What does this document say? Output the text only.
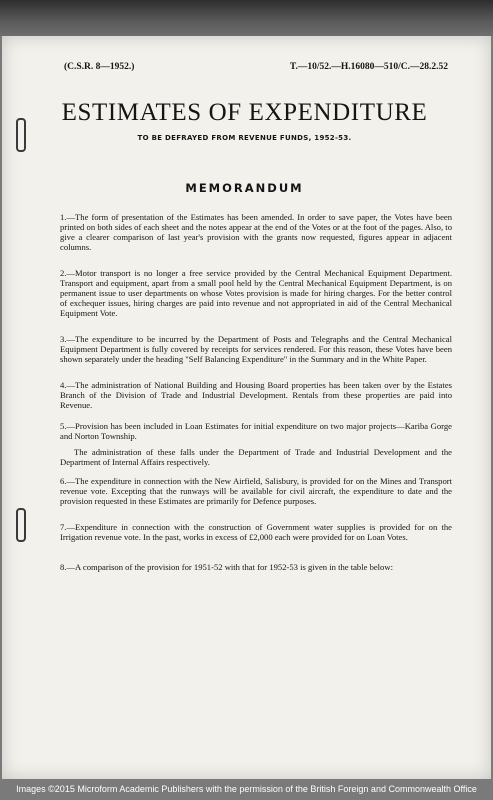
(C.S.R. 8—1952.)	T.—10/52.—H.16080—510/C.—28.2.52
ESTIMATES OF EXPENDITURE
TO BE DEFRAYED FROM REVENUE FUNDS, 1952-53.
MEMORANDUM

1.—The form of presentation of the Estimates has been amended. In order to save paper, the Votes have been printed on both sides of each sheet and the notes appear at the end of the Votes or at the foot of the pages. Also, to give a clearer comparison of last year's provision with the grants now requested, figures appear in adjacent columns.

2.—Motor transport is no longer a free service provided by the Central Mechanical Equipment Department. Transport and equipment, apart from a small pool held by the Central Mechanical Equipment Department, is on permanent issue to user departments on whose Votes provision is made for hiring charges. For the better control of exchequer issues, hiring charges are paid into revenue and not appropriated in aid of the Central Mechanical Equipment Vote.

3.—The expenditure to be incurred by the Department of Posts and Telegraphs and the Central Mechanical Equipment Department is fully covered by receipts for services rendered. For this reason, these Votes have been shown separately under the heading "Self Balancing Expenditure" in the Summary and in the White Paper.

4.—The administration of National Building and Housing Board properties has been taken over by the Estates Branch of the Division of Trade and Industrial Development. Rentals from these properties are paid into Revenue.

5.—Provision has been included in Loan Estimates for initial expenditure on two major projects—Kariba Gorge and Norton Township.

The administration of these falls under the Department of Trade and Industrial Development and the Department of Internal Affairs respectively.

6.—The expenditure in connection with the New Airfield, Salisbury, is provided for on the Mines and Transport revenue vote. Excepting that the runways will be available for civil aircraft, the expenditure to date and the provision requested in these Estimates are primarily for Defence purposes.

7.—Expenditure in connection with the construction of Government water supplies is provided for on the Irrigation revenue vote. In the past, works in excess of £2,000 each were provided for on Loan Votes.

8.—A comparison of the provision for 1951-52 with that for 1952-53 is given in the table below:

Images ©2015 Microform Academic Publishers with the permission of the British Foreign and Commonwealth Office
